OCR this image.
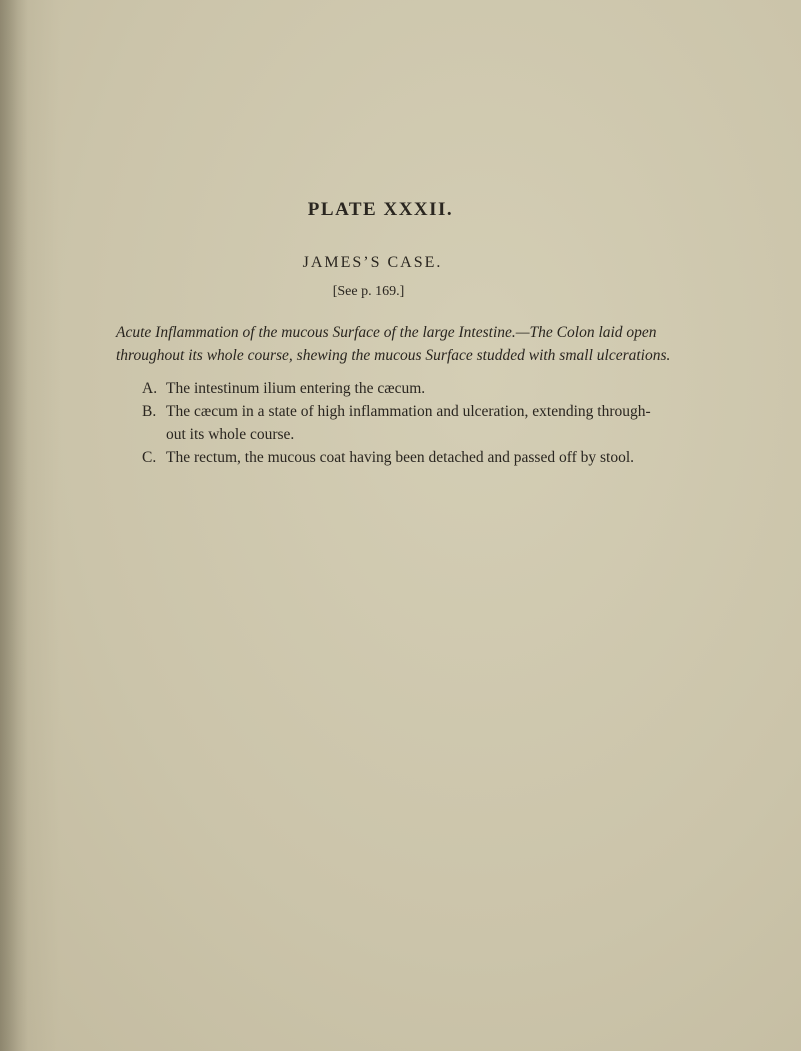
PLATE XXXII.
JAMES’S CASE.
[See p. 169.]
Acute Inflammation of the mucous Surface of the large Intestine.—The Colon laid open
throughout its whole course, shewing the mucous Surface studded with small ulcerations.
A. The intestinum ilium entering the cæcum.
B. The cæcum in a state of high inflammation and ulceration, extending through-
out its whole course.
C. The rectum, the mucous coat having been detached and passed off by stool.
